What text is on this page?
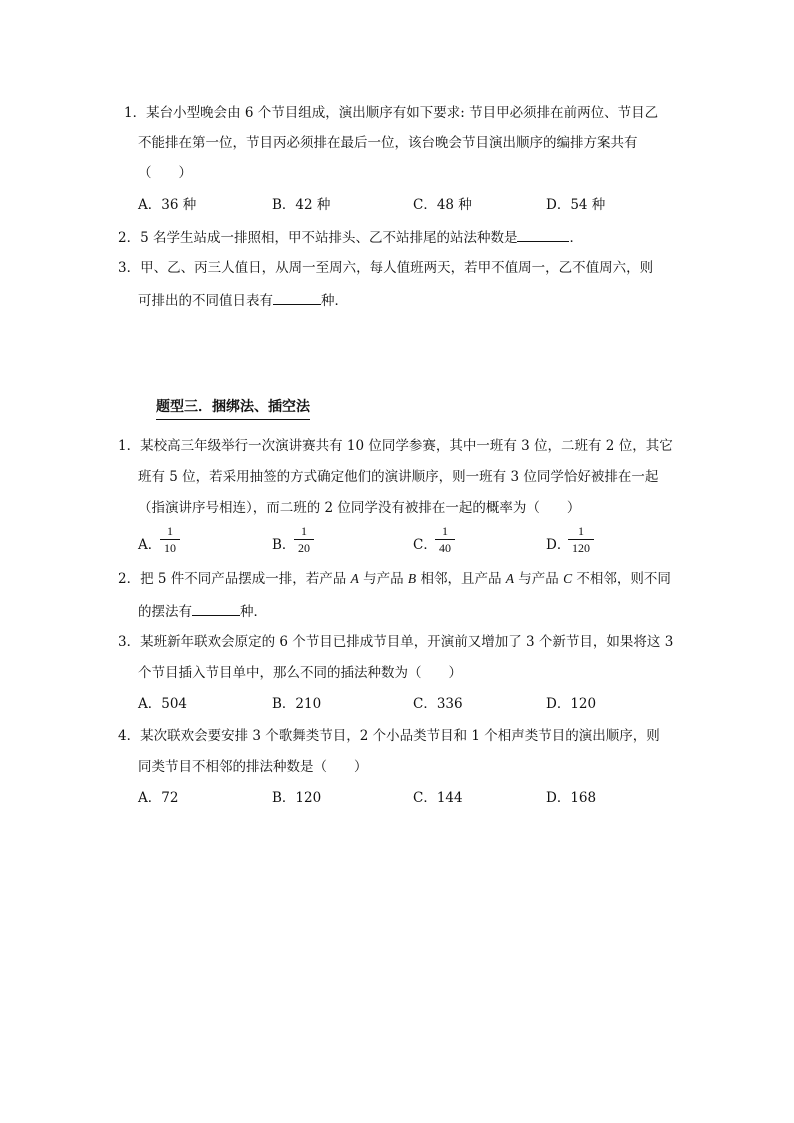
1．某台小型晚会由 6 个节目组成，演出顺序有如下要求: 节目甲必须排在前两位、节目乙
不能排在第一位，节目丙必须排在最后一位，该台晚会节目演出顺序的编排方案共有
（　　）
A．36 种	B．42 种	C．48 种	D．54 种
2．5 名学生站成一排照相，甲不站排头、乙不站排尾的站法种数是	．
3．甲、乙、丙三人值日，从周一至周六，每人值班两天，若甲不值周一，乙不值周六，则
可排出的不同值日表有	种．
题型三．捆绑法、插空法
1．某校高三年级举行一次演讲赛共有 10 位同学参赛，其中一班有 3 位，二班有 2 位，其它
班有 5 位，若采用抽签的方式确定他们的演讲顺序，则一班有 3 位同学恰好被排在一起
（指演讲序号相连），而二班的 2 位同学没有被排在一起的概率为（　　）
A．
1
10	B．
1
20	C．
1
40	D．
1
120
2．把 5 件不同产品摆成一排，若产品 A 与产品 B 相邻，且产品 A 与产品 C 不相邻，则不同
的摆法有	种．
3．某班新年联欢会原定的 6 个节目已排成节目单，开演前又增加了 3 个新节目，如果将这 3
个节目插入节目单中，那么不同的插法种数为（　　）
A．504	B．210	C．336	D．120
4．某次联欢会要安排 3 个歌舞类节目，2 个小品类节目和 1 个相声类节目的演出顺序，则
同类节目不相邻的排法种数是（　　）
A．72	B．120	C．144	D．168
